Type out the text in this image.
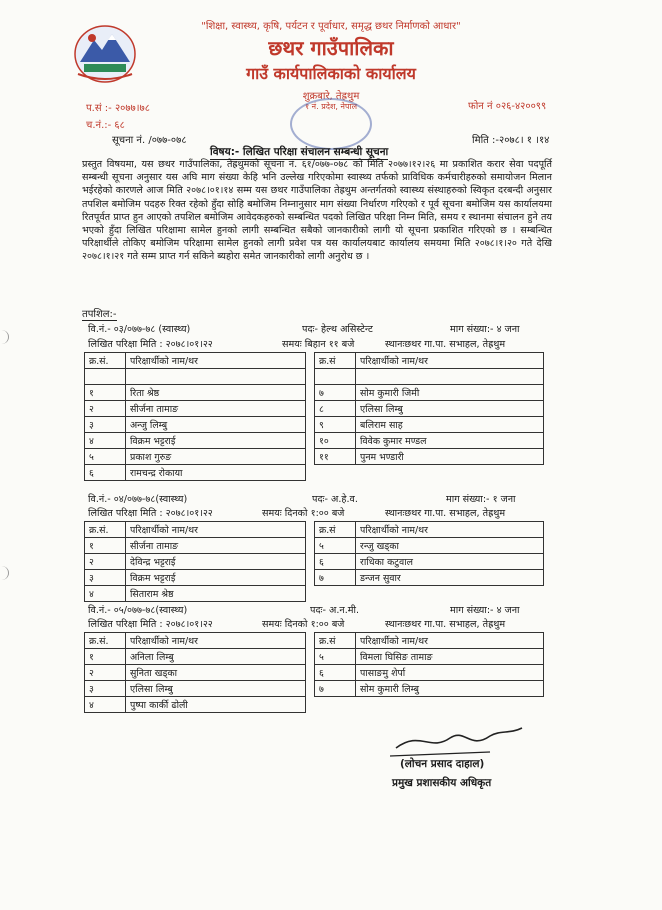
"शिक्षा, स्वास्थ्य, कृषि, पर्यटन र पूर्वाधार, समृद्ध छथर निर्माणको आधार"
छथर गाउँपालिका
गाउँ कार्यपालिकाको कार्यालय
शुक्रबारे, तेह्रथुम
१ नं. प्रदेश, नेपाल	फोन नं ०२६-४२००९९
प.सं :- २०७७।७८
च.नं.:- ६८
सूचना नं. /०७७-०७८	मिति :-२०७८। १ ।१४
विषय:- लिखित परिक्षा संचालन सम्बन्धी सूचना
प्रस्तुत विषयमा, यस छथर गाउँपालिका, तेह्रथुमको सूचना नं. ६१/०७७-०७८ को मिति २०७७।१२।२६ मा प्रकाशित करार सेवा पदपूर्ति सम्बन्धी सूचना अनुसार यस अघि माग संख्या केहि भनि उल्लेख गरिएकोमा स्वास्थ्य तर्फको प्राविधिक कर्मचारीहरुको समायोजन मिलान भईरहेको कारणले आज मिति २०७८।०१।१४ सम्म यस छथर गाउँपालिका तेह्रथुम अन्तर्गतको स्वास्थ्य संस्थाहरुको स्विकृत दरबन्दी अनुसार तपशिल बमोजिम पदहरु रिक्त रहेको हुँदा सोहि बमोजिम निम्नानुसार माग संख्या निर्धारण गरिएको र पूर्व सूचना बमोजिम यस कार्यालयमा रितपूर्वत प्राप्त हुन आएको तपशिल बमोजिम आवेदकहरुको सम्बन्धित पदको लिखित परिक्षा निम्न मिति, समय र स्थानमा संचालन हुने तय भएको हुँदा लिखित परिक्षामा सामेल हुनको लागी सम्बन्धित सबैको जानकारीको लागी यो सूचना प्रकाशित गरिएको छ । सम्बन्धित परिक्षार्थीले तोकिए बमोजिम परिक्षामा सामेल हुनको लागी प्रवेश पत्र यस कार्यालयबाट कार्यालय समयमा मिति २०७८।१।२० गते देखि २०७८।१।२१ गते सम्म प्राप्त गर्न सकिने ब्यहोरा समेत जानकारीको लागी अनुरोध छ ।
तपशिल:-
वि.नं.- ०३/०७७-७८ (स्वास्थ्य)	पदः- हेल्थ असिस्टेन्ट	माग संख्या:- ४ जना
लिखित परिक्षा मिति : २०७८।०१।२२	समयः बिहान ११ बजे	स्थानःछथर गा.पा. सभाहल, तेह्रथुम
क्र.सं.	परिक्षार्थीको नाम/थर

१	रिता श्रेष्ठ
२	सीर्जना तामाङ
३	अन्जु लिम्बु
४	विक्रम भट्टराई
५	प्रकाश गुरुङ
६	रामचन्द्र रोकाया
क्र.सं	परिक्षार्थीको नाम/थर

७	सोम कुमारी जिमी
८	एलिसा लिम्बु
९	बलिराम साह
१०	विवेक कुमार मण्डल
११	पुनम भण्डारी
वि.नं.- ०४/०७७-७८(स्वास्थ्य)	पदः- अ.हे.व.	माग संख्या:- १ जना
लिखित परिक्षा मिति : २०७८।०१।२२	समयः दिनको १:०० बजे	स्थानःछथर गा.पा. सभाहल, तेह्रथुम
क्र.सं.	परिक्षार्थीको नाम/थर
१	सीर्जना तामाङ
२	देविन्द्र भट्टराई
३	विक्रम भट्टराई
४	सिताराम श्रेष्ठ
क्र.सं	परिक्षार्थीको नाम/थर
५	रन्जु खड्का
६	राधिका कटुवाल
७	डन्जन सुवार
वि.नं.- ०५/०७७-७८(स्वास्थ्य)	पदः- अ.न.मी.	माग संख्या:- ४ जना
लिखित परिक्षा मिति : २०७८।०१।२२	समयः दिनको १:०० बजे	स्थानःछथर गा.पा. सभाहल, तेह्रथुम
क्र.सं.	परिक्षार्थीको नाम/थर
१	अनिला लिम्बु
२	सुनिता खड्का
३	एलिसा लिम्बु
४	पुष्पा कार्की ढोली
क्र.सं	परिक्षार्थीको नाम/थर
५	विमला घिसिङ तामाङ
६	पासाङमु शेर्पा
७	सोम कुमारी लिम्बु
(लोचन प्रसाद दाहाल)
प्रमुख प्रशासकीय अधिकृत
